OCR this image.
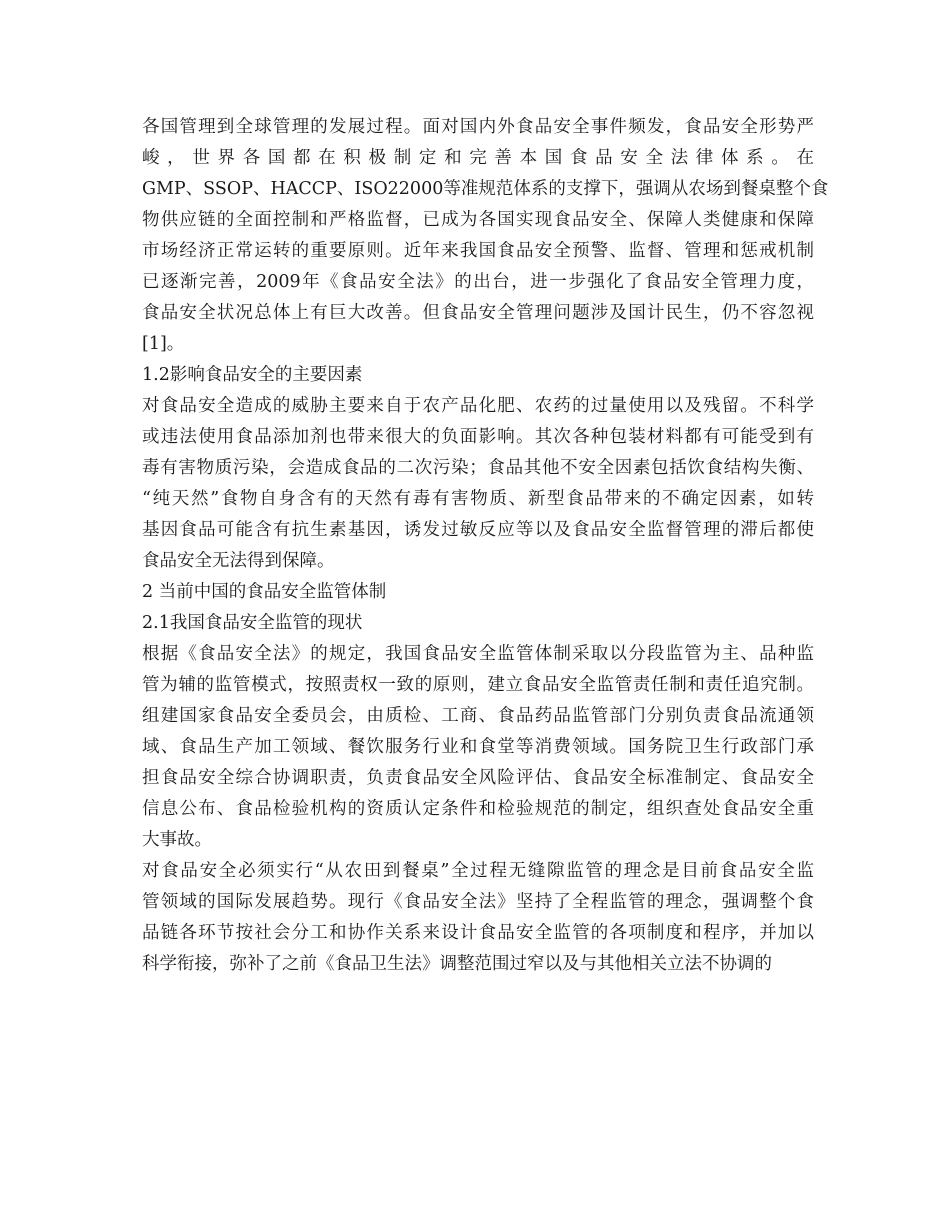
各国管理到全球管理的发展过程。面对国内外食品安全事件频发，食品安全形势严
峻，世界各国都在积极制定和完善本国食品安全法律体系。在
GMP、SSOP、HACCP、ISO22000等准规范体系的支撑下，强调从农场到餐桌整个食
物供应链的全面控制和严格监督，已成为各国实现食品安全、保障人类健康和保障
市场经济正常运转的重要原则。近年来我国食品安全预警、监督、管理和惩戒机制
已逐渐完善，2009年《食品安全法》的出台，进一步强化了食品安全管理力度，
食品安全状况总体上有巨大改善。但食品安全管理问题涉及国计民生，仍不容忽视
[1]。
1.2影响食品安全的主要因素
对食品安全造成的威胁主要来自于农产品化肥、农药的过量使用以及残留。不科学
或违法使用食品添加剂也带来很大的负面影响。其次各种包装材料都有可能受到有
毒有害物质污染，会造成食品的二次污染；食品其他不安全因素包括饮食结构失衡、
“纯天然”食物自身含有的天然有毒有害物质、新型食品带来的不确定因素，如转
基因食品可能含有抗生素基因，诱发过敏反应等以及食品安全监督管理的滞后都使
食品安全无法得到保障。
2 当前中国的食品安全监管体制
2.1我国食品安全监管的现状
根据《食品安全法》的规定，我国食品安全监管体制采取以分段监管为主、品种监
管为辅的监管模式，按照责权一致的原则，建立食品安全监管责任制和责任追究制。
组建国家食品安全委员会，由质检、工商、食品药品监管部门分别负责食品流通领
域、食品生产加工领域、餐饮服务行业和食堂等消费领域。国务院卫生行政部门承
担食品安全综合协调职责，负责食品安全风险评估、食品安全标准制定、食品安全
信息公布、食品检验机构的资质认定条件和检验规范的制定，组织查处食品安全重
大事故。
对食品安全必须实行“从农田到餐桌”全过程无缝隙监管的理念是目前食品安全监
管领域的国际发展趋势。现行《食品安全法》坚持了全程监管的理念，强调整个食
品链各环节按社会分工和协作关系来设计食品安全监管的各项制度和程序，并加以
科学衔接，弥补了之前《食品卫生法》调整范围过窄以及与其他相关立法不协调的
